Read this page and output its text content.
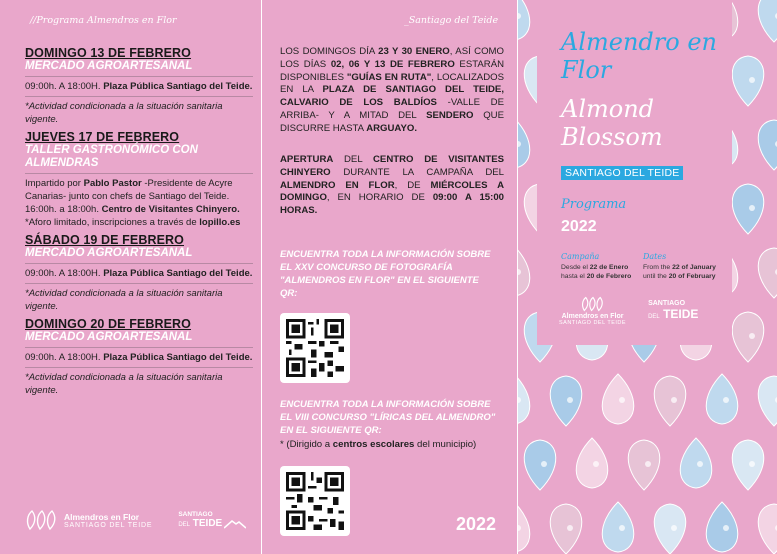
//Programa Almendros en Flor
DOMINGO 13 DE FEBRERO
MERCADO AGROARTESANAL
09:00h. A 18:00H. Plaza Pública Santiago del Teide.
*Actividad condicionada a la situación sanitaria vigente.
JUEVES 17 DE FEBRERO
TALLER GASTRONÓMICO CON ALMENDRAS
Impartido por Pablo Pastor -Presidente de Acyre Canarias- junto con chefs de Santiago del Teide.
16:00h. a 18:00h. Centro de Visitantes Chinyero.
*Aforo limitado, inscripciones a través de lopillo.es
SÁBADO 19 DE FEBRERO
MERCADO AGROARTESANAL
09:00h. A 18:00H. Plaza Pública Santiago del Teide.
*Actividad condicionada a la situación sanitaria vigente.
DOMINGO 20 DE FEBRERO
MERCADO AGROARTESANAL
09:00h. A 18:00H. Plaza Pública Santiago del Teide.
*Actividad condicionada a la situación sanitaria vigente.
Almendros en Flor
SANTIAGO DEL TEIDE
SANTIAGO
DEL TEIDE
_Santiago del Teide
LOS DOMINGOS DÍA 23 Y 30 ENERO, ASÍ COMO LOS DÍAS 02, 06 Y 13 DE FEBRERO ESTARÁN DISPONIBLES "GUÍAS EN RUTA", LOCALIZADOS EN LA PLAZA DE SANTIAGO DEL TEIDE, CALVARIO DE LOS BALDÍOS -VALLE DE ARRIBA- Y A MITAD DEL SENDERO QUE DISCURRE HASTA ARGUAYO.
APERTURA DEL CENTRO DE VISITANTES CHINYERO DURANTE LA CAMPAÑA DEL ALMENDRO EN FLOR, DE MIÉRCOLES A DOMINGO, EN HORARIO DE 09:00 A 15:00 HORAS.
ENCUENTRA TODA LA INFORMACIÓN SOBRE EL XXV CONCURSO DE FOTOGRAFÍA "ALMENDROS EN FLOR" EN EL SIGUIENTE QR:
ENCUENTRA TODA LA INFORMACIÓN SOBRE EL VIII CONCURSO "LÍRICAS DEL ALMENDRO" EN EL SIGUIENTE QR:
* (Dirigido a centros escolares del municipio)
2022
Almendro en Flor
Almond Blossom
SANTIAGO DEL TEIDE
Programa
2022
Campaña
Desde el 22 de Enero
hasta el 20 de Febrero
Dates
From the 22 of January
until the 20 of February
Almendros en Flor
SANTIAGO DEL TEIDE
SANTIAGO
DEL TEIDE
